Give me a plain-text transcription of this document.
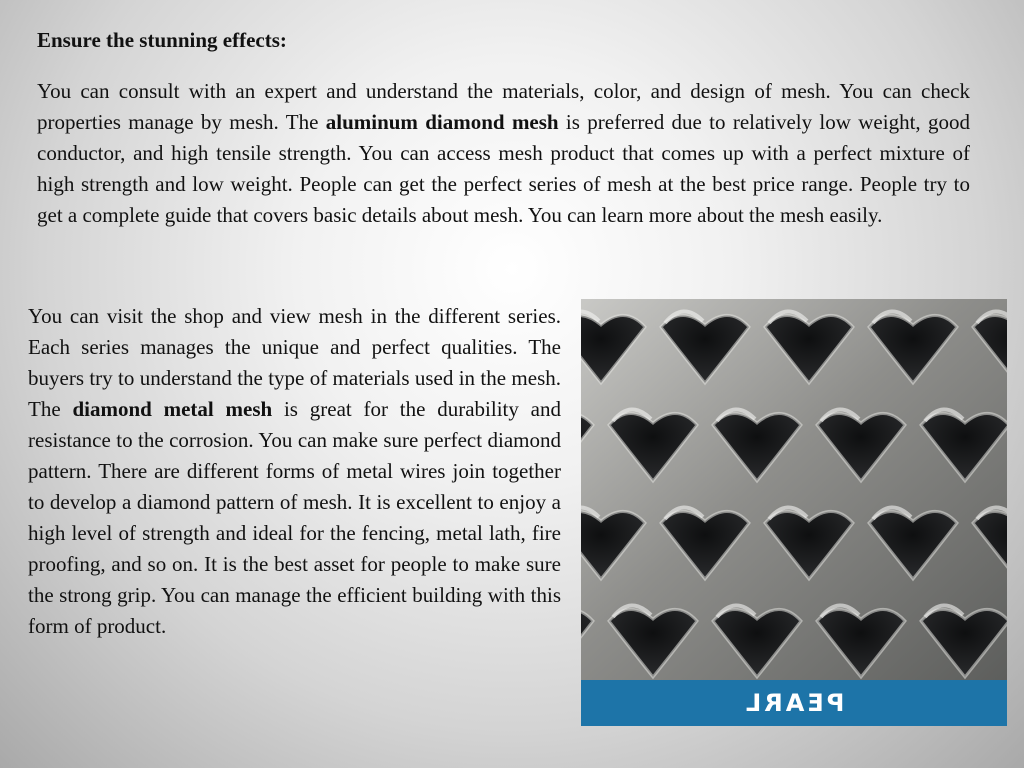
Ensure the stunning effects:

You can consult with an expert and understand the materials, color, and design of mesh. You can check properties manage by mesh. The aluminum diamond mesh is preferred due to relatively low weight, good conductor, and high tensile strength. You can access mesh product that comes up with a perfect mixture of high strength and low weight. People can get the perfect series of mesh at the best price range. People try to get a complete guide that covers basic details about mesh. You can learn more about the mesh easily.

You can visit the shop and view mesh in the different series. Each series manages the unique and perfect qualities. The buyers try to understand the type of materials used in the mesh. The diamond metal mesh is great for the durability and resistance to the corrosion. You can make sure perfect diamond pattern. There are different forms of metal wires join together to develop a diamond pattern of mesh. It is excellent to enjoy a high level of strength and ideal for the fencing, metal lath, fire proofing, and so on. It is the best asset for people to make sure the strong grip. You can manage the efficient building with this form of product.

PEARL
